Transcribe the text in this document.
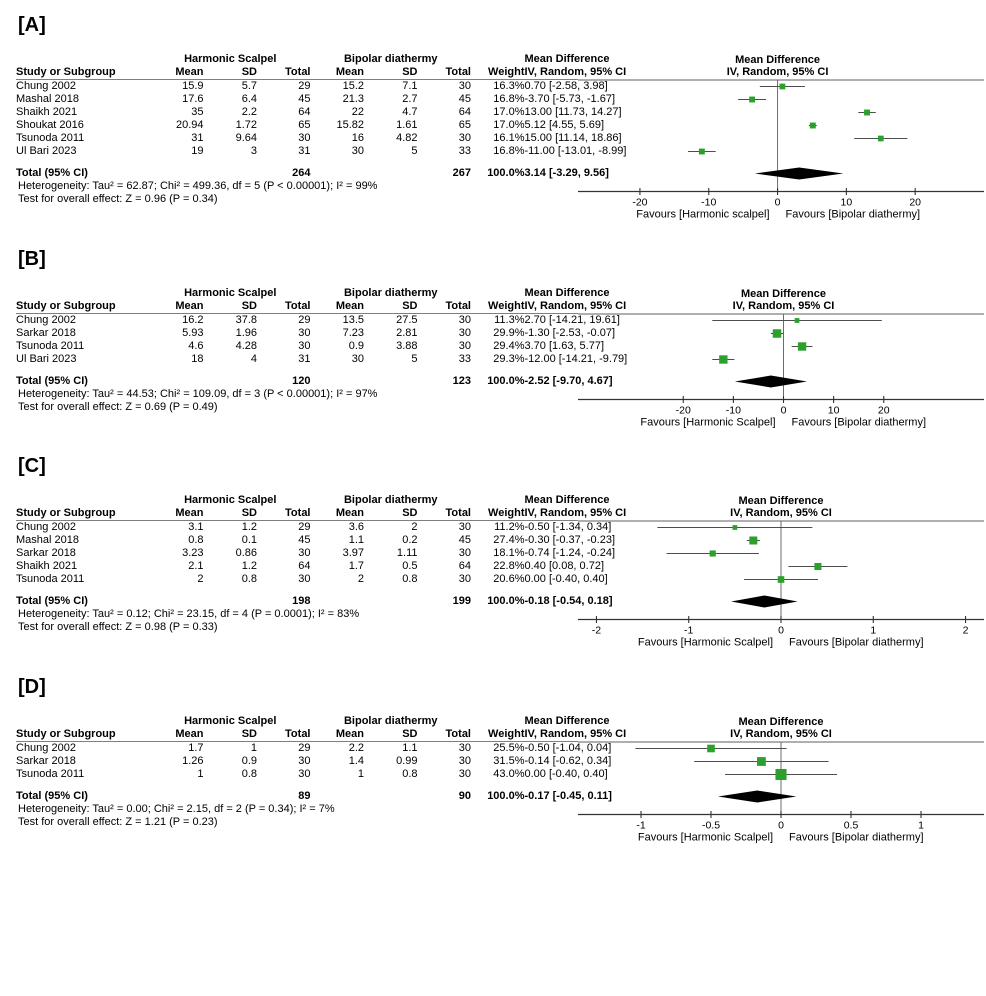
[A]
	Harmonic Scalpel			Bipolar diathermy				Mean Difference
Study or Subgroup	Mean	SD	Total	Mean	SD	Total	Weight	IV, Random, 95% CI
Chung 2002	15.9	5.7	29	15.2	7.1	30	16.3%	0.70 [-2.58, 3.98]
Mashal 2018	17.6	6.4	45	21.3	2.7	45	16.8%	-3.70 [-5.73, -1.67]
Shaikh 2021	35	2.2	64	22	4.7	64	17.0%	13.00 [11.73, 14.27]
Shoukat 2016	20.94	1.72	65	15.82	1.61	65	17.0%	5.12 [4.55, 5.69]
Tsunoda 2011	31	9.64	30	16	4.82	30	16.1%	15.00 [11.14, 18.86]
Ul Bari 2023	19	3	31	30	5	33	16.8%	-11.00 [-13.01, -8.99]

Total (95% CI)			264			267	100.0%	3.14 [-3.29, 9.56]
Heterogeneity: Tau² = 62.87; Chi² = 499.36, df = 5 (P < 0.00001); I² = 99%
Test for overall effect: Z = 0.96 (P = 0.34)
Mean Difference
IV, Random, 95% CI
-20	-10	0	10	20
Favours [Harmonic scalpel] Favours [Bipolar diathermy]
[B]
	Harmonic Scalpel			Bipolar diathermy				Mean Difference
Study or Subgroup	Mean	SD	Total	Mean	SD	Total	Weight	IV, Random, 95% CI
Chung 2002	16.2	37.8	29	13.5	27.5	30	11.3%	2.70 [-14.21, 19.61]
Sarkar 2018	5.93	1.96	30	7.23	2.81	30	29.9%	-1.30 [-2.53, -0.07]
Tsunoda 2011	4.6	4.28	30	0.9	3.88	30	29.4%	3.70 [1.63, 5.77]
Ul Bari 2023	18	4	31	30	5	33	29.3%	-12.00 [-14.21, -9.79]

Total (95% CI)			120			123	100.0%	-2.52 [-9.70, 4.67]
Heterogeneity: Tau² = 44.53; Chi² = 109.09, df = 3 (P < 0.00001); I² = 97%
Test for overall effect: Z = 0.69 (P = 0.49)
Mean Difference
IV, Random, 95% CI
-20	-10	0	10	20
Favours [Harmonic Scalpel] Favours [Bipolar diathermy]
[C]
	Harmonic Scalpel			Bipolar diathermy				Mean Difference
Study or Subgroup	Mean	SD	Total	Mean	SD	Total	Weight	IV, Random, 95% CI
Chung 2002	3.1	1.2	29	3.6	2	30	11.2%	-0.50 [-1.34, 0.34]
Mashal 2018	0.8	0.1	45	1.1	0.2	45	27.4%	-0.30 [-0.37, -0.23]
Sarkar 2018	3.23	0.86	30	3.97	1.11	30	18.1%	-0.74 [-1.24, -0.24]
Shaikh 2021	2.1	1.2	64	1.7	0.5	64	22.8%	0.40 [0.08, 0.72]
Tsunoda 2011	2	0.8	30	2	0.8	30	20.6%	0.00 [-0.40, 0.40]

Total (95% CI)			198			199	100.0%	-0.18 [-0.54, 0.18]
Heterogeneity: Tau² = 0.12; Chi² = 23.15, df = 4 (P = 0.0001); I² = 83%
Test for overall effect: Z = 0.98 (P = 0.33)
Mean Difference
IV, Random, 95% CI
-2	-1	0	1	2
Favours [Harmonic Scalpel] Favours [Bipolar diathermy]
[D]
	Harmonic Scalpel			Bipolar diathermy				Mean Difference
Study or Subgroup	Mean	SD	Total	Mean	SD	Total	Weight	IV, Random, 95% CI
Chung 2002	1.7	1	29	2.2	1.1	30	25.5%	-0.50 [-1.04, 0.04]
Sarkar 2018	1.26	0.9	30	1.4	0.99	30	31.5%	-0.14 [-0.62, 0.34]
Tsunoda 2011	1	0.8	30	1	0.8	30	43.0%	0.00 [-0.40, 0.40]

Total (95% CI)			89			90	100.0%	-0.17 [-0.45, 0.11]
Heterogeneity: Tau² = 0.00; Chi² = 2.15, df = 2 (P = 0.34); I² = 7%
Test for overall effect: Z = 1.21 (P = 0.23)
Mean Difference
IV, Random, 95% CI
-1	-0.5	0	0.5	1
Favours [Harmonic Scalpel] Favours [Bipolar diathermy]
